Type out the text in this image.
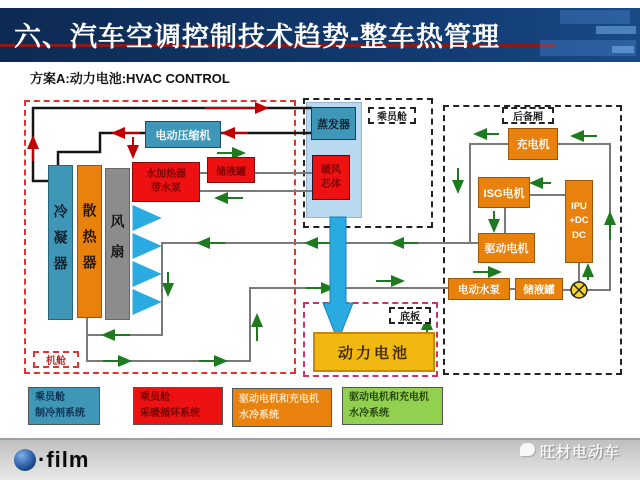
六、汽车空调控制技术趋势-整车热管理
方案A:动力电池:HVAC CONTROL
冷凝器 散热器 风扇
电动压缩机
水加热器
带水泵
储液罐
蒸发器
暖风
芯体
充电机
ISG电机
IPU
+DC
DC
驱动电机
电动水泵	储液罐
动力电池
机舱
乘员舱	后备厢
底板
乘员舱
制冷剂系统
乘员舱
采暖循环系统
驱动电机和充电机
水冷系统
驱动电机和充电机
水冷系统
·film	旺材电动车
